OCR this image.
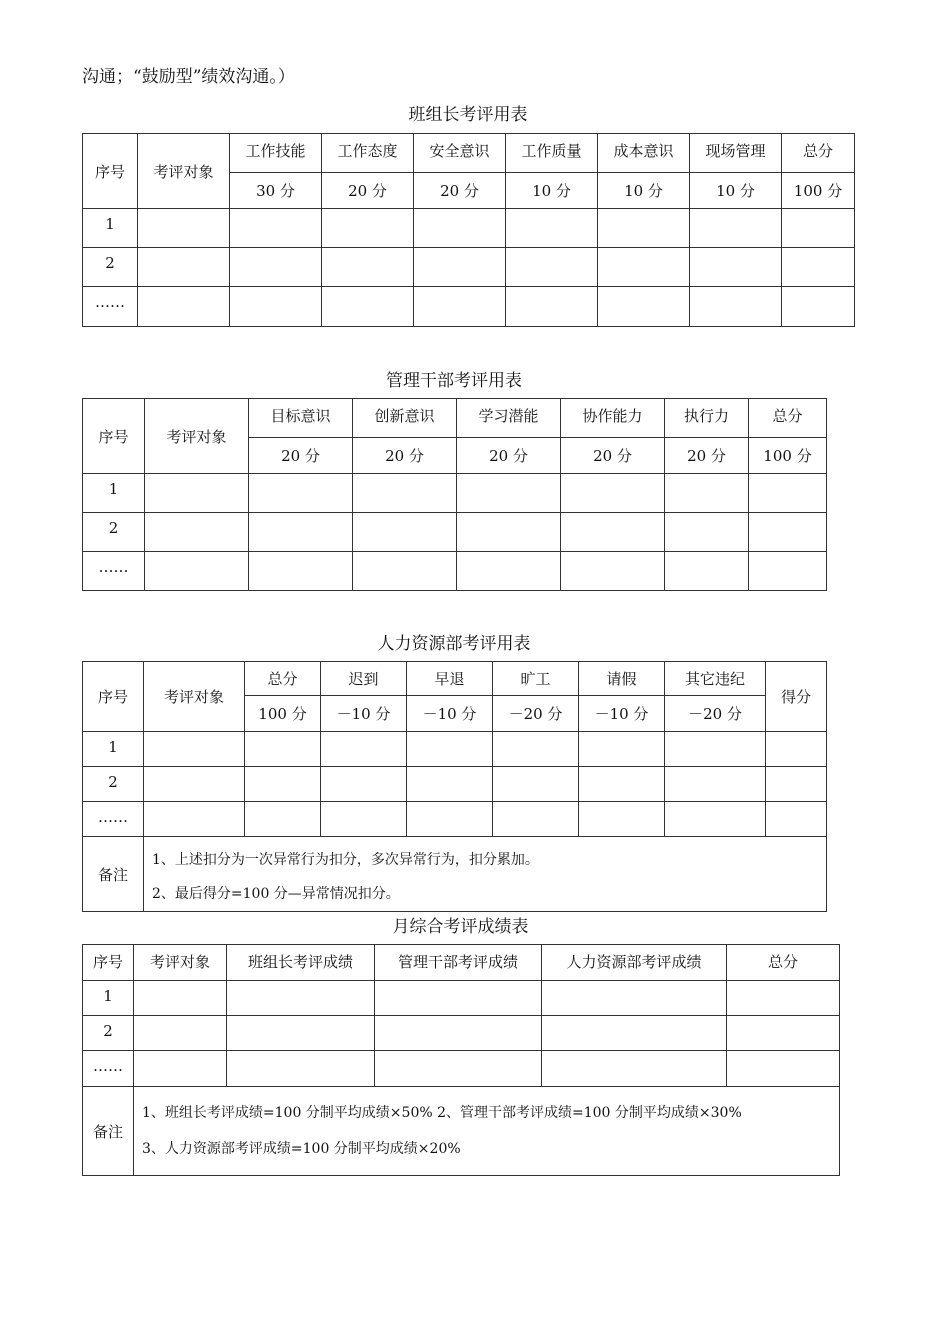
沟通；“鼓励型”绩效沟通。）
班组长考评用表
序号	考评对象	工作技能	工作态度	安全意识	工作质量	成本意识	现场管理	总分
		30 分	20 分	20 分	10 分	10 分	10 分	100 分
1								
2								
……								
管理干部考评用表
序号	考评对象	目标意识	创新意识	学习潜能	协作能力	执行力	总分
		20 分	20 分	20 分	20 分	20 分	100 分
1							
2							
……							
人力资源部考评用表
序号	考评对象	总分	迟到	早退	旷工	请假	其它违纪	得分
		100 分	－10 分	－10 分	－20 分	－10 分	－20 分	
1								
2								
……								
备注	1、上述扣分为一次异常行为扣分，多次异常行为，扣分累加。
2、最后得分=100 分—异常情况扣分。							
月综合考评成绩表
序号	考评对象	班组长考评成绩	管理干部考评成绩	人力资源部考评成绩	总分
1					
2					
……					
备注	1、班组长考评成绩=100 分制平均成绩×50% 2、管理干部考评成绩=100 分制平均成绩×30%
3、人力资源部考评成绩=100 分制平均成绩×20%				
